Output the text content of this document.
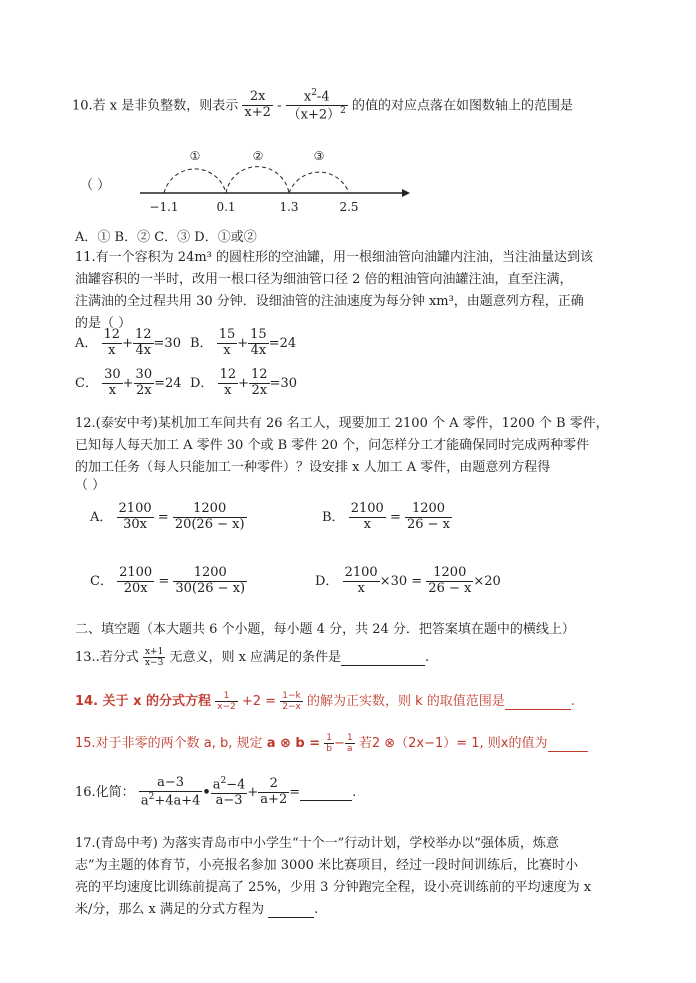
10.若 x 是非负整数，则表示 $\frac{2x}{x+2} - \frac{x^2-4}{(x+2)^2}$ 的值的对应点落在如图数轴上的范围是
（ ）
①	②	③
−1.1	0.1	1.3	2.5
A．① B．② C．③ D．①或②
11.有一个容积为 24m³ 的圆柱形的空油罐，用一根细油管向油罐内注油，当注油量达到该
油罐容积的一半时，改用一根口径为细油管口径 2 倍的粗油管向油罐注油，直至注满，
注满油的全过程共用 30 分钟．设细油管的注油速度为每分钟 xm³，由题意列方程，正确
的是（ ）
A． $\frac{12}{x} + \frac{12}{4x} =30$ B． $\frac{15}{x} + \frac{15}{4x} =24$
C． $\frac{30}{x} + \frac{30}{2x} =24$ D． $\frac{12}{x} + \frac{12}{2x} =30$
12.(泰安中考)某机加工车间共有 26 名工人，现要加工 2100 个 A 零件，1200 个 B 零件，
已知每人每天加工 A 零件 30 个或 B 零件 20 个，问怎样分工才能确保同时完成两种零件
的加工任务（每人只能加工一种零件）？设安排 x 人加工 A 零件，由题意列方程得
（ ）
A． $\frac{2100}{30x} = \frac{1200}{20(26 - x)}$	B． $\frac{2100}{x} = \frac{1200}{26 - x}$
C． $\frac{2100}{20x} = \frac{1200}{30(26 - x)}$	D． $\frac{2100}{x} \times 30 = \frac{1200}{26 - x} \times 20$
二、填空题（本大题共 6 个小题，每小题 4 分，共 24 分．把答案填在题中的横线上）
13..若分式 $\frac{x+1}{x-3}$ 无意义，则 x 应满足的条件是	.
14. 关于 x 的分式方程 $\frac{1}{x-2} +2 = \frac{1-k}{2-x}$ 的解为正实数，则 k 的取值范围是	.
15.对于非零的两个数 a, b, 规定 a ⊗ $b = \frac{1}{b} - \frac{1}{a}$ 若2 ⊗（2x−1）= 1, 则x的值为
16.化简： $\frac{a-3}{a^2+4a+4}$ • $\frac{a^2-4}{a-3} + \frac{2}{a+2}$ =	.
17.(青岛中考) 为落实青岛市中小学生“十个一”行动计划，学校举办以“强体质，炼意
志”为主题的体育节，小亮报名参加 3000 米比赛项目，经过一段时间训练后，比赛时小
亮的平均速度比训练前提高了 25%，少用 3 分钟跑完全程，设小亮训练前的平均速度为 x
米/分，那么 x 满足的分式方程为	.
